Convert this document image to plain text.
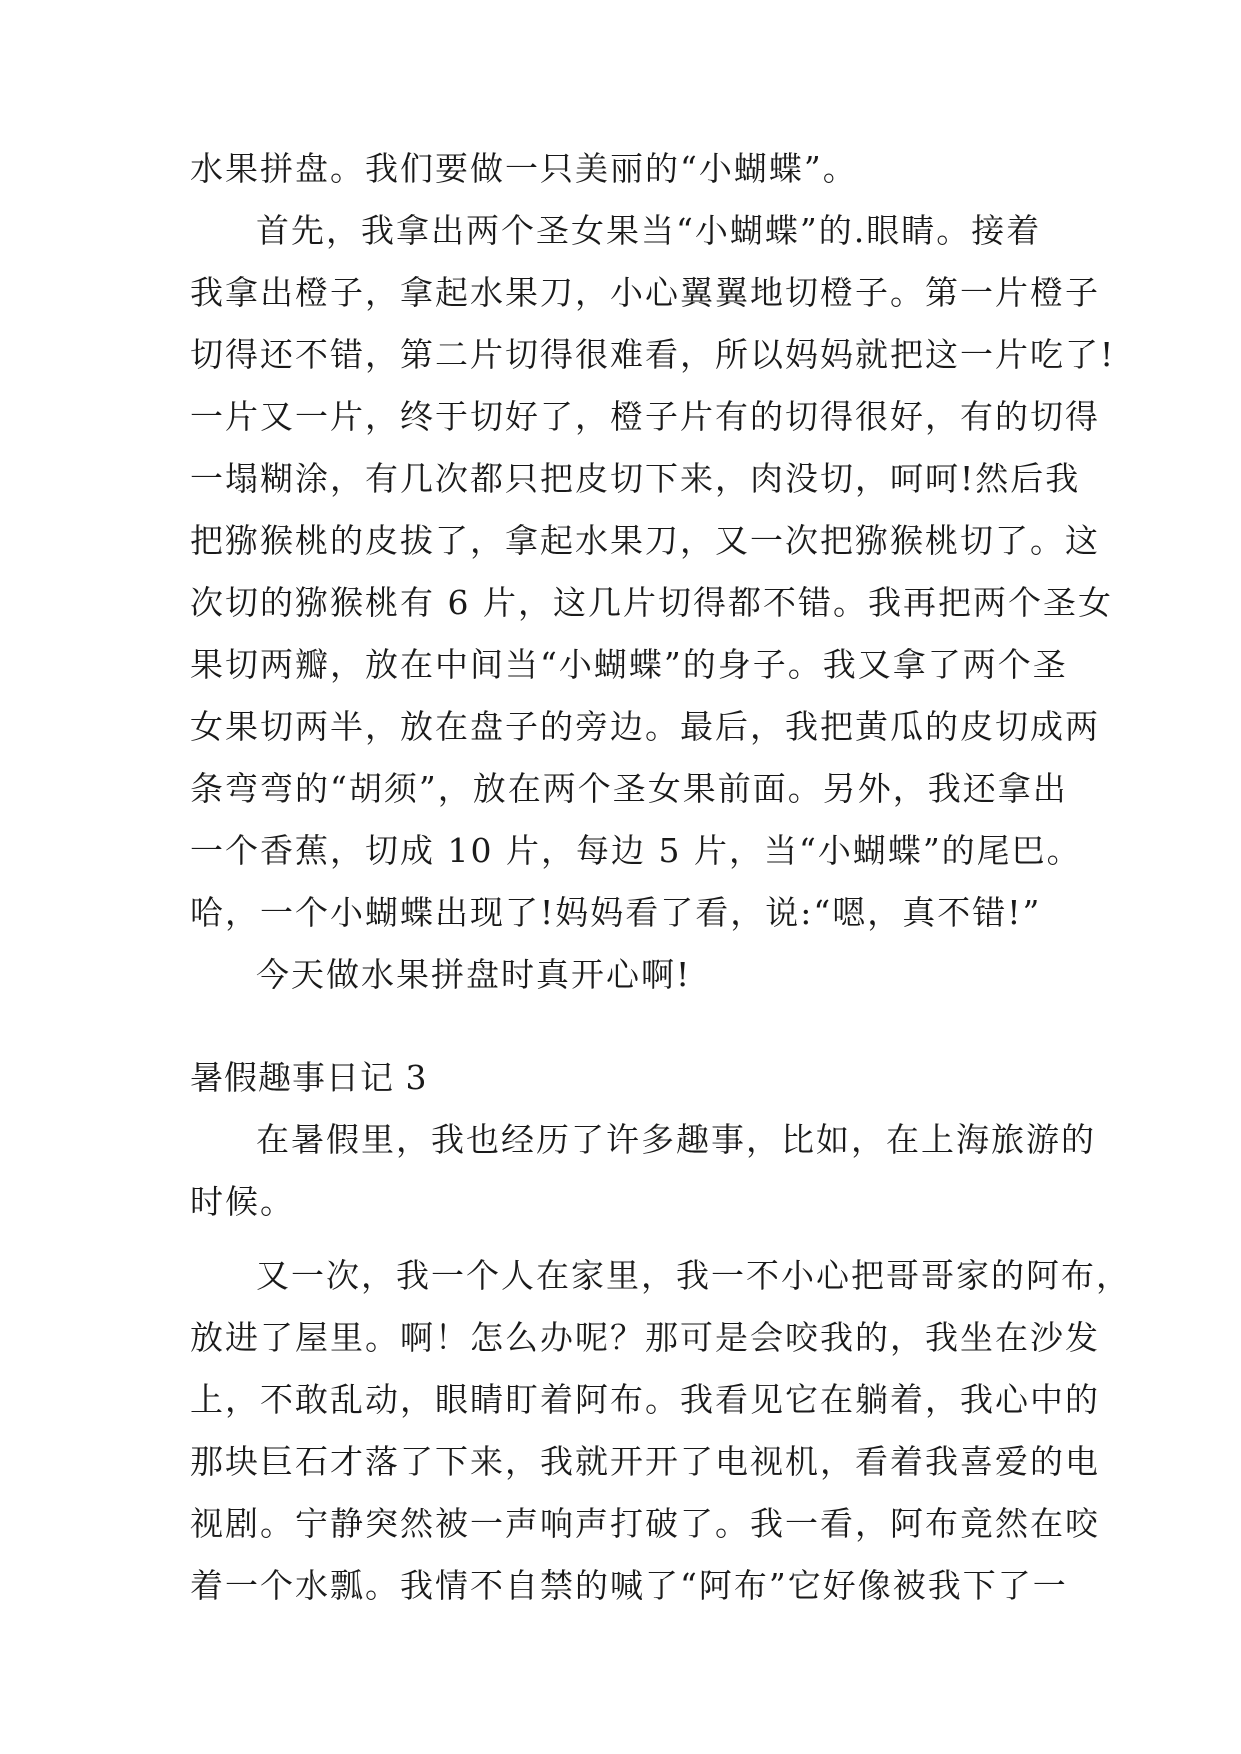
水果拼盘。我们要做一只美丽的“小蝴蝶”。
首先，我拿出两个圣女果当“小蝴蝶”的.眼睛。接着
我拿出橙子，拿起水果刀，小心翼翼地切橙子。第一片橙子
切得还不错，第二片切得很难看，所以妈妈就把这一片吃了!
一片又一片，终于切好了，橙子片有的切得很好，有的切得
一塌糊涂，有几次都只把皮切下来，肉没切，呵呵!然后我
把猕猴桃的皮拔了，拿起水果刀，又一次把猕猴桃切了。这
次切的猕猴桃有 6 片，这几片切得都不错。我再把两个圣女
果切两瓣，放在中间当“小蝴蝶”的身子。我又拿了两个圣
女果切两半，放在盘子的旁边。最后，我把黄瓜的皮切成两
条弯弯的“胡须”，放在两个圣女果前面。另外，我还拿出
一个香蕉，切成 10 片，每边 5 片，当“小蝴蝶”的尾巴。
哈，一个小蝴蝶出现了!妈妈看了看，说:“嗯，真不错!”
今天做水果拼盘时真开心啊!
暑假趣事日记 3
在暑假里，我也经历了许多趣事，比如，在上海旅游的
时候。
又一次，我一个人在家里，我一不小心把哥哥家的阿布，
放进了屋里。啊！怎么办呢？那可是会咬我的，我坐在沙发
上，不敢乱动，眼睛盯着阿布。我看见它在躺着，我心中的
那块巨石才落了下来，我就开开了电视机，看着我喜爱的电
视剧。宁静突然被一声响声打破了。我一看，阿布竟然在咬
着一个水瓢。我情不自禁的喊了“阿布”它好像被我下了一
